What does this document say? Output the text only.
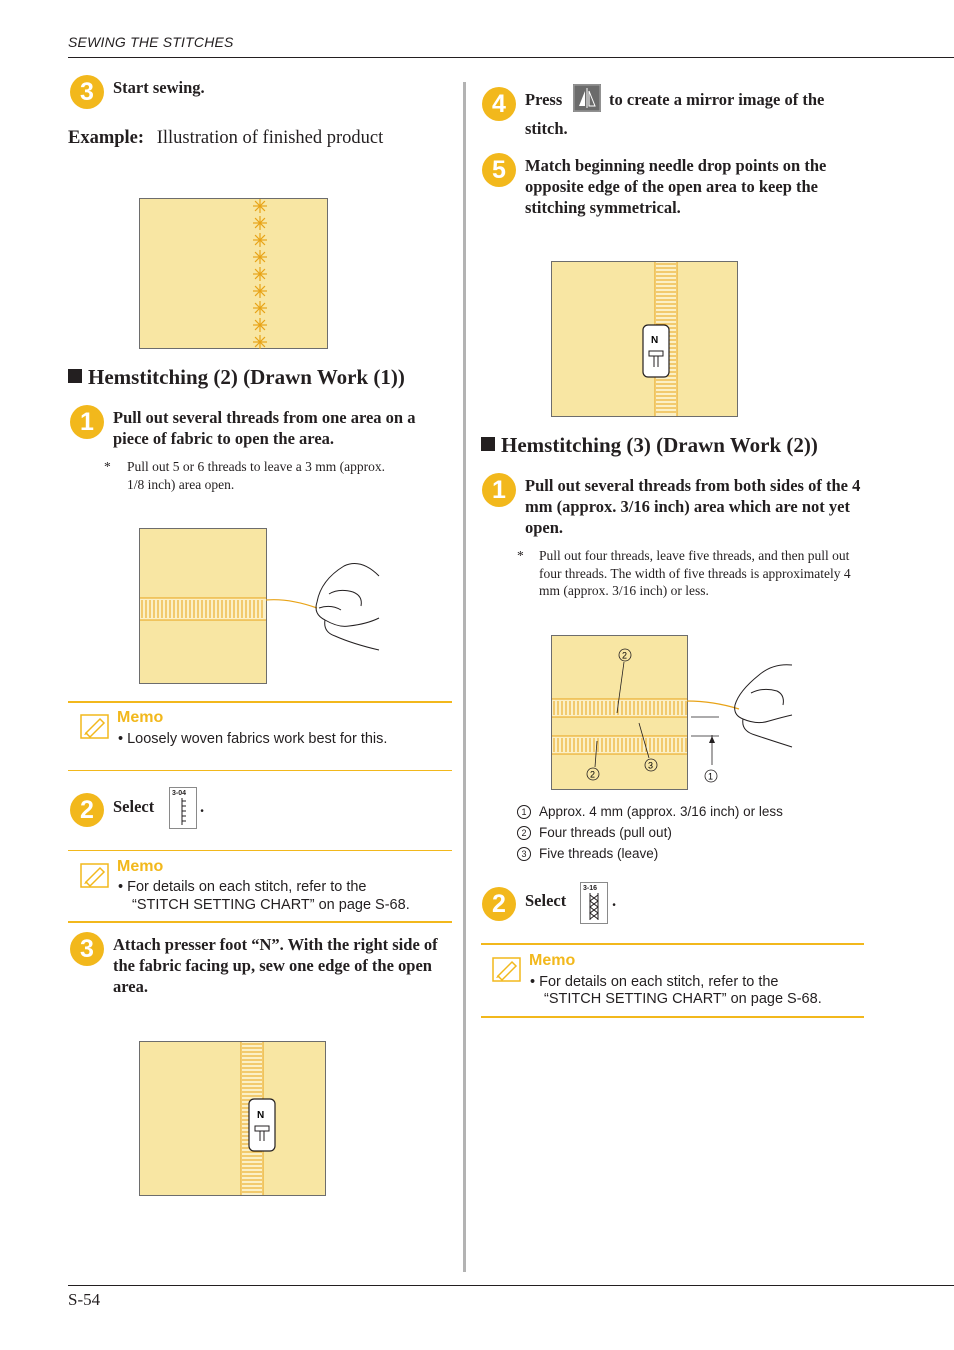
SEWING THE STITCHES
S-54
3	Start sewing.
Example: Illustration of finished product
Hemstitching (2) (Drawn Work (1))
1	Pull out several threads from one area on a piece of fabric to open the area.
* Pull out 5 or 6 threads to leave a 3 mm (approx. 1/8 inch) area open.
Memo
• Loosely woven fabrics work best for this.
2	Select
3-04
.
Memo
• For details on each stitch, refer to the
“STITCH SETTING CHART” on page S-68.
3	Attach presser foot “N”. With the right side of the fabric facing up, sew one edge of the open area.
N
4	Press	to create a mirror image of the
stitch.
5	Match beginning needle drop points on the opposite edge of the open area to keep the stitching symmetrical.
N
Hemstitching (3) (Drawn Work (2))
1	Pull out several threads from both sides of the 4 mm (approx. 3/16 inch) area which are not yet open.
* Pull out four threads, leave five threads, and then pull out four threads. The width of five threads is approximately 4 mm (approx. 3/16 inch) or less.
2
2
3
1
1 Approx. 4 mm (approx. 3/16 inch) or less
2 Four threads (pull out)
3 Five threads (leave)
2	Select
3-16
.
Memo
• For details on each stitch, refer to the
“STITCH SETTING CHART” on page S-68.
